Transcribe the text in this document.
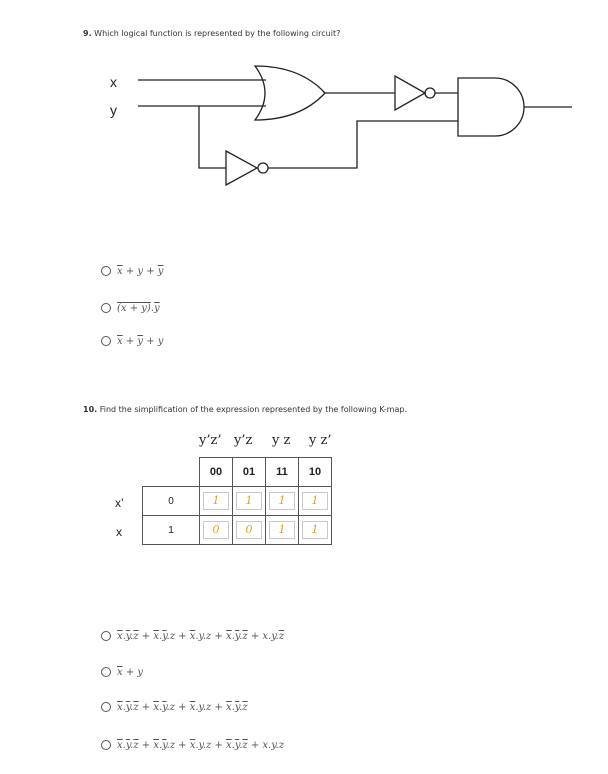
9. Which logical function is represented by the following circuit?
x
y
$\overline{x} + y + \overline{y}$
$(x + y).\overline{y}$
$\overline{x} + \overline{y} + y$
10. Find the simplification of the expression represented by the following K-map.
y’z’ y’z y z y z’
x’
x
	00	01	11	10
0	1	1	1	1
1	0	0	1	1
$\overline{x}.\overline{y}.\overline{z} + \overline{x}.\overline{y}.z + \overline{x}.y.z + \overline{x}.\overline{y}.\overline{z} + x.y.\overline{z}$
$\overline{x} + y$
$\overline{x}.\overline{y}.\overline{z} + \overline{x}.\overline{y}.z + \overline{x}.y.z + \overline{x}.\overline{y}.\overline{z}$
$\overline{x}.\overline{y}.\overline{z} + \overline{x}.\overline{y}.z + \overline{x}.y.z + \overline{x}.\overline{y}.\overline{z} + x.y.z$
